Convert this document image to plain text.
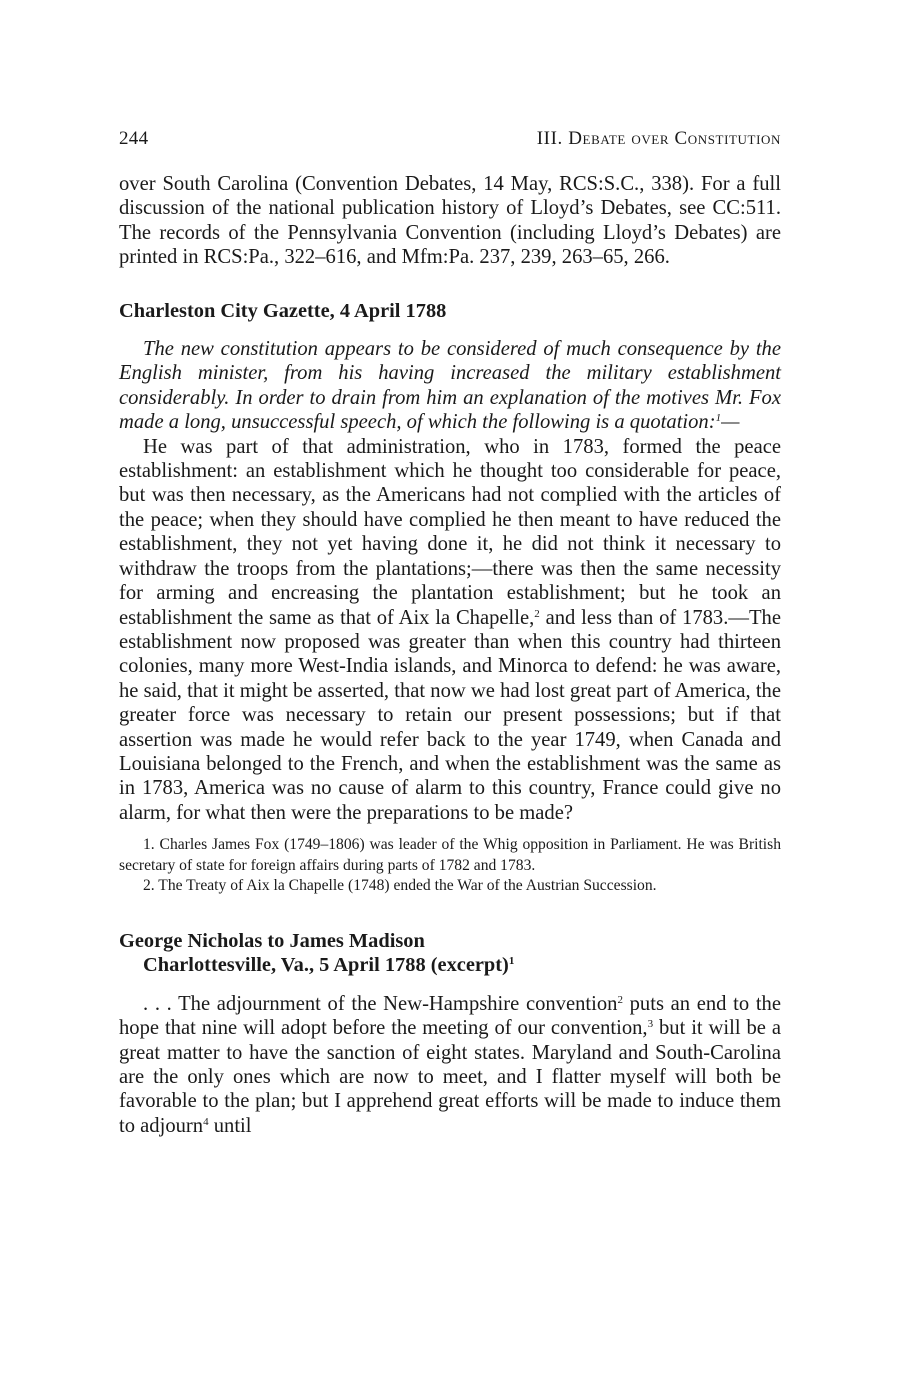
244	III. Debate over Constitution

over South Carolina (Convention Debates, 14 May, RCS:S.C., 338). For a full discussion of the national publication history of Lloyd’s Debates, see CC:511. The records of the Pennsylvania Convention (including Lloyd’s Debates) are printed in RCS:Pa., 322–616, and Mfm:Pa. 237, 239, 263–65, 266.

Charleston City Gazette, 4 April 1788

The new constitution appears to be considered of much consequence by the English minister, from his having increased the military establishment considerably. In order to drain from him an explanation of the motives Mr. Fox made a long, unsuccessful speech, of which the following is a quotation:$^1$—

He was part of that administration, who in 1783, formed the peace establishment: an establishment which he thought too considerable for peace, but was then necessary, as the Americans had not complied with the articles of the peace; when they should have complied he then meant to have reduced the establishment, they not yet having done it, he did not think it necessary to withdraw the troops from the plantations;—there was then the same necessity for arming and encreasing the plantation establishment; but he took an establishment the same as that of Aix la Chapelle,$^2$ and less than of 1783.—The establishment now proposed was greater than when this country had thirteen colonies, many more West-India islands, and Minorca to defend: he was aware, he said, that it might be asserted, that now we had lost great part of America, the greater force was necessary to retain our present possessions; but if that assertion was made he would refer back to the year 1749, when Canada and Louisiana belonged to the French, and when the establishment was the same as in 1783, America was no cause of alarm to this country, France could give no alarm, for what then were the preparations to be made?

1. Charles James Fox (1749–1806) was leader of the Whig opposition in Parliament. He was British secretary of state for foreign affairs during parts of 1782 and 1783.

2. The Treaty of Aix la Chapelle (1748) ended the War of the Austrian Succession.

George Nicholas to James Madison
Charlottesville, Va., 5 April 1788 (excerpt)$^1$

. . . The adjournment of the New-Hampshire convention$^2$ puts an end to the hope that nine will adopt before the meeting of our convention,$^3$ but it will be a great matter to have the sanction of eight states. Maryland and South-Carolina are the only ones which are now to meet, and I flatter myself will both be favorable to the plan; but I apprehend great efforts will be made to induce them to adjourn$^4$ until
